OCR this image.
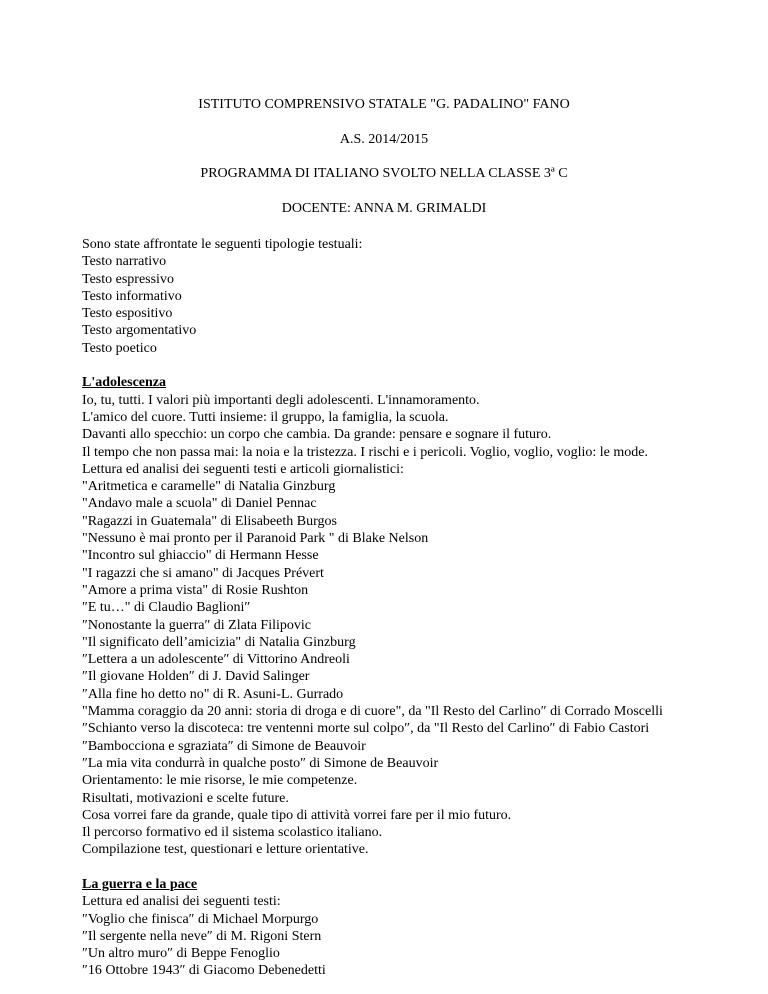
ISTITUTO COMPRENSIVO STATALE "G. PADALINO" FANO
A.S. 2014/2015
PROGRAMMA DI ITALIANO SVOLTO NELLA CLASSE 3ª C
DOCENTE: ANNA M. GRIMALDI
Sono state affrontate le seguenti tipologie testuali:
Testo narrativo
Testo espressivo
Testo informativo
Testo espositivo
Testo argomentativo
Testo poetico
L'adolescenza
Io, tu, tutti. I valori più importanti degli adolescenti. L'innamoramento.
L'amico del cuore. Tutti insieme: il gruppo, la famiglia, la scuola.
Davanti allo specchio: un corpo che cambia. Da grande: pensare e sognare il futuro.
Il tempo che non passa mai: la noia e la tristezza. I rischi e i pericoli. Voglio, voglio, voglio: le mode.
Lettura ed analisi dei seguenti testi e articoli giornalistici:
"Aritmetica e caramelle" di Natalia Ginzburg
"Andavo male a scuola" di Daniel Pennac
"Ragazzi in Guatemala" di Elisabeeth Burgos
"Nessuno è mai pronto per il Paranoid Park " di Blake Nelson
"Incontro sul ghiaccio" di Hermann Hesse
"I ragazzi che si amano" di Jacques Prévert
"Amore a prima vista" di Rosie Rushton
″E tu…" di Claudio Baglioni″
″Nonostante la guerra″ di Zlata Filipovic
"Il significato dell’amicizia" di Natalia Ginzburg
″Lettera a un adolescente″ di Vittorino Andreoli
″Il giovane Holden″ di J. David Salinger
″Alla fine ho detto no" di R. Asuni-L. Gurrado
"Mamma coraggio da 20 anni: storia di droga e di cuore", da "Il Resto del Carlino″ di Corrado Moscelli
″Schianto verso la discoteca: tre ventenni morte sul colpo″, da "Il Resto del Carlino″ di Fabio Castori
″Bambocciona e sgraziata″ di Simone de Beauvoir
″La mia vita condurrà in qualche posto″ di Simone de Beauvoir
Orientamento: le mie risorse, le mie competenze.
Risultati, motivazioni e scelte future.
Cosa vorrei fare da grande, quale tipo di attività vorrei fare per il mio futuro.
Il percorso formativo ed il sistema scolastico italiano.
Compilazione test, questionari e letture orientative.
La guerra e la pace
Lettura ed analisi dei seguenti testi:
″Voglio che finisca″ di Michael Morpurgo
″Il sergente nella neve″ di M. Rigoni Stern
″Un altro muro″ di Beppe Fenoglio
″16 Ottobre 1943″ di Giacomo Debenedetti
